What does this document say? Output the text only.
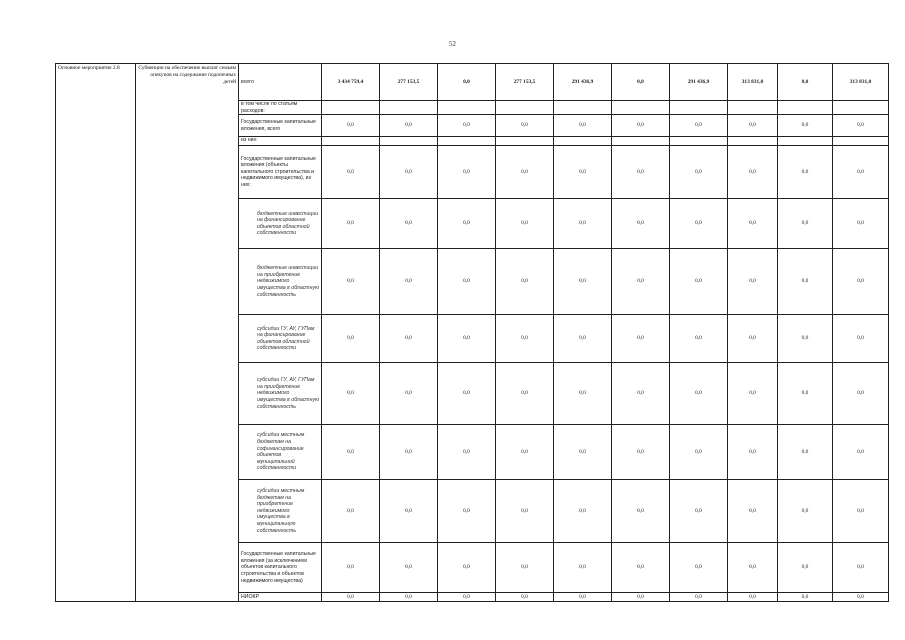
52
Основное мероприятие 2.8	Субвенции на обеспечение выплат семьям опекунов на содержание подопечных детей	всего	3 434 759,4	277 153,5	0,0	277 153,5	291 436,9	0,0	291 436,9	313 831,0	0,0	313 831,0
		в том числе по статьям расходов:										
		Государственные капитальные вложения, всего	0,0	0,0	0,0	0,0	0,0	0,0	0,0	0,0	0,0	0,0
		из них:										
		Государственные капитальные вложения (объекты капитального строительства и недвижимого имущества), из них:	0,0	0,0	0,0	0,0	0,0	0,0	0,0	0,0	0,0	0,0
		бюджетные инвестиции на финансирование объектов областной собственности	0,0	0,0	0,0	0,0	0,0	0,0	0,0	0,0	0,0	0,0
		бюджетные инвестиции на приобретение недвижимого имущества в областную собственность	0,0	0,0	0,0	0,0	0,0	0,0	0,0	0,0	0,0	0,0
		субсидии ГУ, АУ, ГУПам на финансирование объектов областной собственности	0,0	0,0	0,0	0,0	0,0	0,0	0,0	0,0	0,0	0,0
		субсидии ГУ, АУ, ГУПам на приобретение недвижимого имущества в областную собственность	0,0	0,0	0,0	0,0	0,0	0,0	0,0	0,0	0,0	0,0
		субсидии местным бюджетам на софинансирование объектов муниципальной собственности	0,0	0,0	0,0	0,0	0,0	0,0	0,0	0,0	0,0	0,0
		субсидии местным бюджетам на приобретение недвижимого имущества в муниципальную собственность	0,0	0,0	0,0	0,0	0,0	0,0	0,0	0,0	0,0	0,0
		Государственные капитальные вложения (за исключением объектов капитального строительства и объектов недвижимого имущества)	0,0	0,0	0,0	0,0	0,0	0,0	0,0	0,0	0,0	0,0
		НИОКР	0,0	0,0	0,0	0,0	0,0	0,0	0,0	0,0	0,0	0,0
